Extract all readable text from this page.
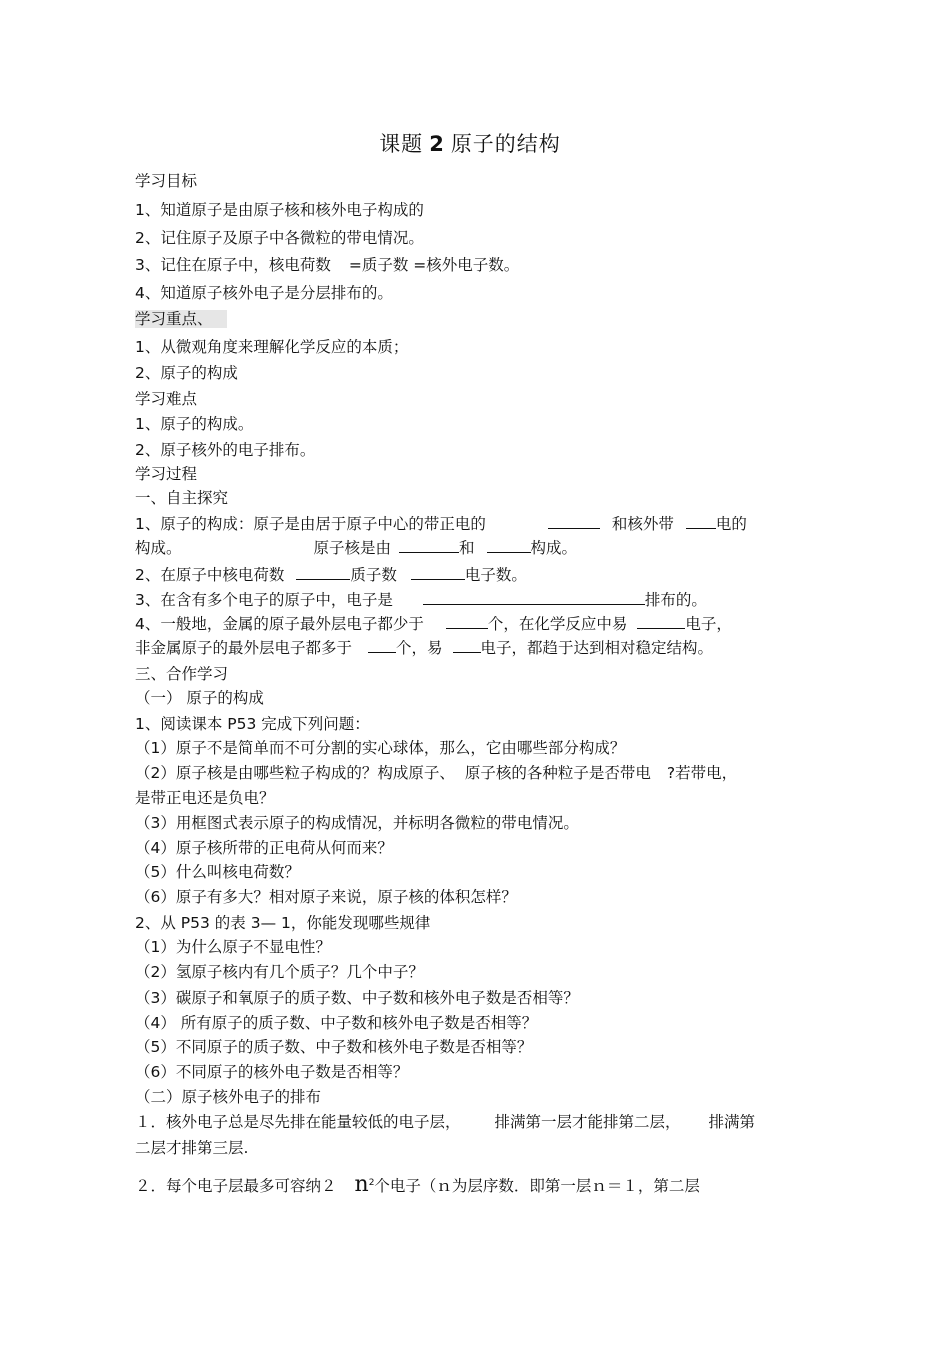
课题 2 原子的结构
学习目标
1、知道原子是由原子核和核外电子构成的
2、记住原子及原子中各微粒的带电情况。
3、记住在原子中，核电荷数 =质子数 =核外电子数。
4、知道原子核外电子是分层排布的。
学习重点、
1、从微观角度来理解化学反应的本质；
2、原子的构成
学习难点
1、原子的构成。
2、原子核外的电子排布。
学习过程
一、自主探究
1、原子的构成：原子是由居于原子中心的带正电的	和核外带	电的
构成。	原子核是由	和	构成。
2、在原子中核电荷数	质子数	电子数。
3、在含有多个电子的原子中，电子是	排布的。
4、一般地，金属的原子最外层电子都少于	个，在化学反应中易	电子，
非金属原子的最外层电子都多于	个，易 电子，都趋于达到相对稳定结构。
三、合作学习
（一） 原子的构成
1、阅读课本 P53 完成下列问题：
（1）原子不是简单而不可分割的实心球体，那么，它由哪些部分构成？
（2）原子核是由哪些粒子构成的？构成原子、 原子核的各种粒子是否带电 ?若带电，
是带正电还是负电？
（3）用框图式表示原子的构成情况，并标明各微粒的带电情况。
（4）原子核所带的正电荷从何而来？
（5）什么叫核电荷数？
（6）原子有多大？相对原子来说，原子核的体积怎样？
2、从 P53 的表 3— 1，你能发现哪些规律
（1）为什么原子不显电性？
（2）氢原子核内有几个质子？几个中子？
（3）碳原子和氧原子的质子数、中子数和核外电子数是否相等？
（4） 所有原子的质子数、中子数和核外电子数是否相等？
（5）不同原子的质子数、中子数和核外电子数是否相等？
（6）不同原子的核外电子数是否相等？
（二）原子核外电子的排布
１．核外电子总是尽先排在能量较低的电子层， 排满第一层才能排第二层， 排满第
二层才排第三层.
２．每个电子层最多可容纳２ $n^2$个电子（ｎ为层序数．即第一层ｎ＝１，第二层
